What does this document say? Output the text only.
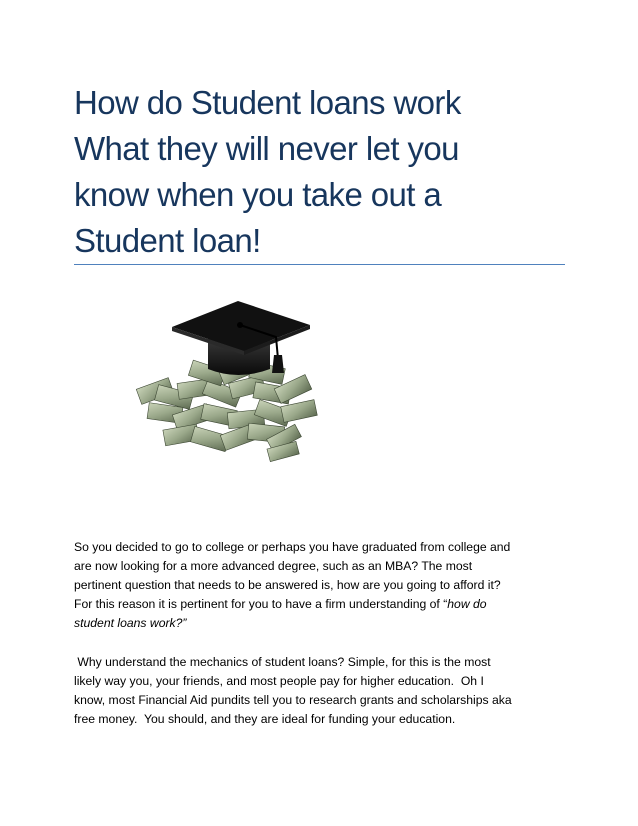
How do Student loans work
What they will never let you
know when you take out a
Student loan!

So you decided to go to college or perhaps you have graduated from college and
are now looking for a more advanced degree, such as an MBA? The most
pertinent question that needs to be answered is, how are you going to afford it?
For this reason it is pertinent for you to have a firm understanding of “how do
student loans work?”

Why understand the mechanics of student loans? Simple, for this is the most
likely way you, your friends, and most people pay for higher education.  Oh I
know, most Financial Aid pundits tell you to research grants and scholarships aka
free money.  You should, and they are ideal for funding your education.
